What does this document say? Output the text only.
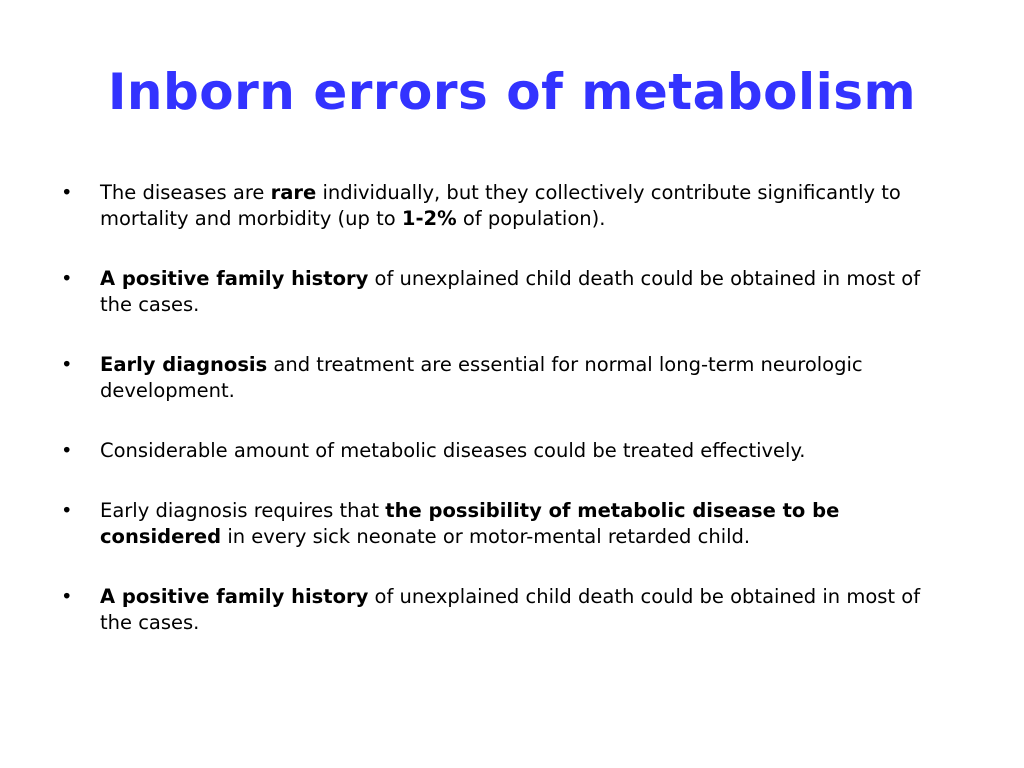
Inborn errors of metabolism
• The diseases are rare individually, but they collectively contribute significantly to mortality and morbidity (up to 1-2% of population).
• A positive family history of unexplained child death could be obtained in most of the cases.
• Early diagnosis and treatment are essential for normal long-term neurologic development.
• Considerable amount of metabolic diseases could be treated effectively.
• Early diagnosis requires that the possibility of metabolic disease to be considered in every sick neonate or motor-mental retarded child.
• A positive family history of unexplained child death could be obtained in most of the cases.
